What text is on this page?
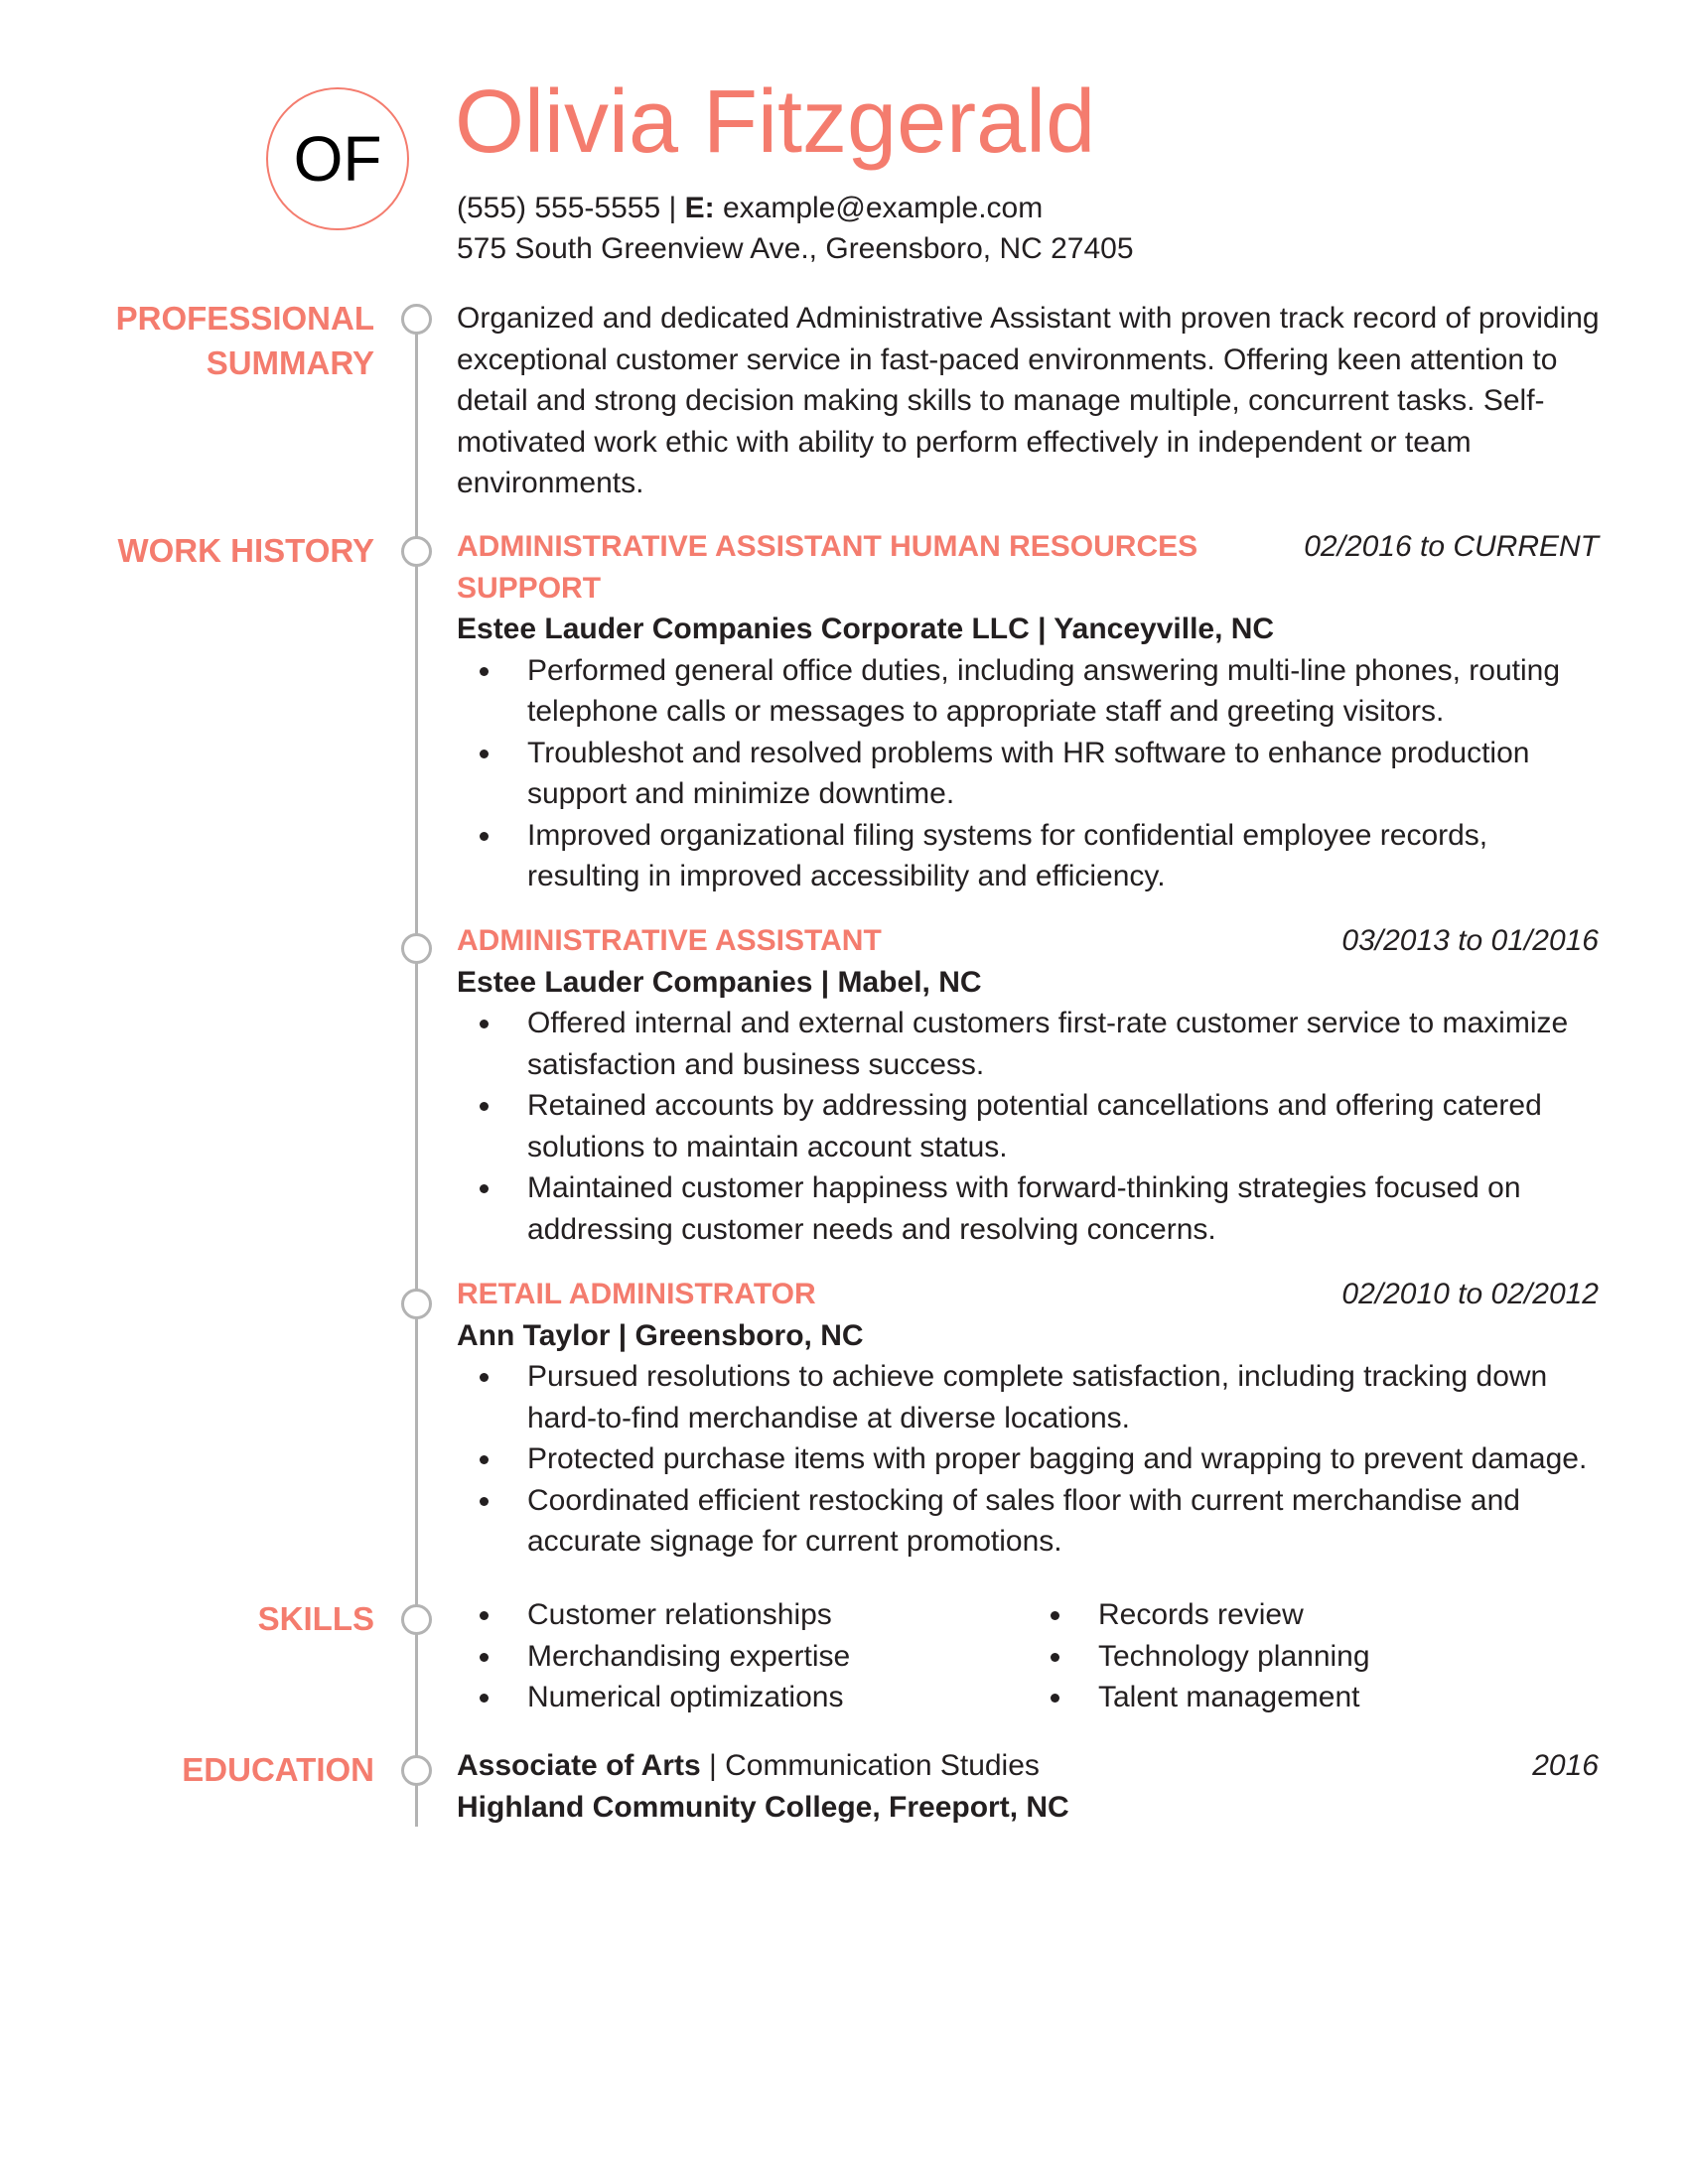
OF Olivia Fitzgerald
(555) 555-5555 | E: example@example.com
575 South Greenview Ave., Greensboro, NC 27405
PROFESSIONAL
SUMMARY
WORK HISTORY
SKILLS
EDUCATION
Organized and dedicated Administrative Assistant with proven track record of providing exceptional customer service in fast-paced environments. Offering keen attention to detail and strong decision making skills to manage multiple, concurrent tasks. Self-motivated work ethic with ability to perform effectively in independent or team environments.
ADMINISTRATIVE ASSISTANT HUMAN RESOURCES SUPPORT
02/2016 to CURRENT
Estee Lauder Companies Corporate LLC | Yanceyville, NC
Performed general office duties, including answering multi-line phones, routing telephone calls or messages to appropriate staff and greeting visitors.
Troubleshot and resolved problems with HR software to enhance production support and minimize downtime.
Improved organizational filing systems for confidential employee records, resulting in improved accessibility and efficiency.
ADMINISTRATIVE ASSISTANT	03/2013 to 01/2016
Estee Lauder Companies | Mabel, NC
Offered internal and external customers first-rate customer service to maximize satisfaction and business success.
Retained accounts by addressing potential cancellations and offering catered solutions to maintain account status.
Maintained customer happiness with forward-thinking strategies focused on addressing customer needs and resolving concerns.
RETAIL ADMINISTRATOR	02/2010 to 02/2012
Ann Taylor | Greensboro, NC
Pursued resolutions to achieve complete satisfaction, including tracking down hard-to-find merchandise at diverse locations.
Protected purchase items with proper bagging and wrapping to prevent damage.
Coordinated efficient restocking of sales floor with current merchandise and accurate signage for current promotions.
Customer relationships
Merchandising expertise
Numerical optimizations
Records review
Technology planning
Talent management
Associate of Arts | Communication Studies	2016
Highland Community College, Freeport, NC
